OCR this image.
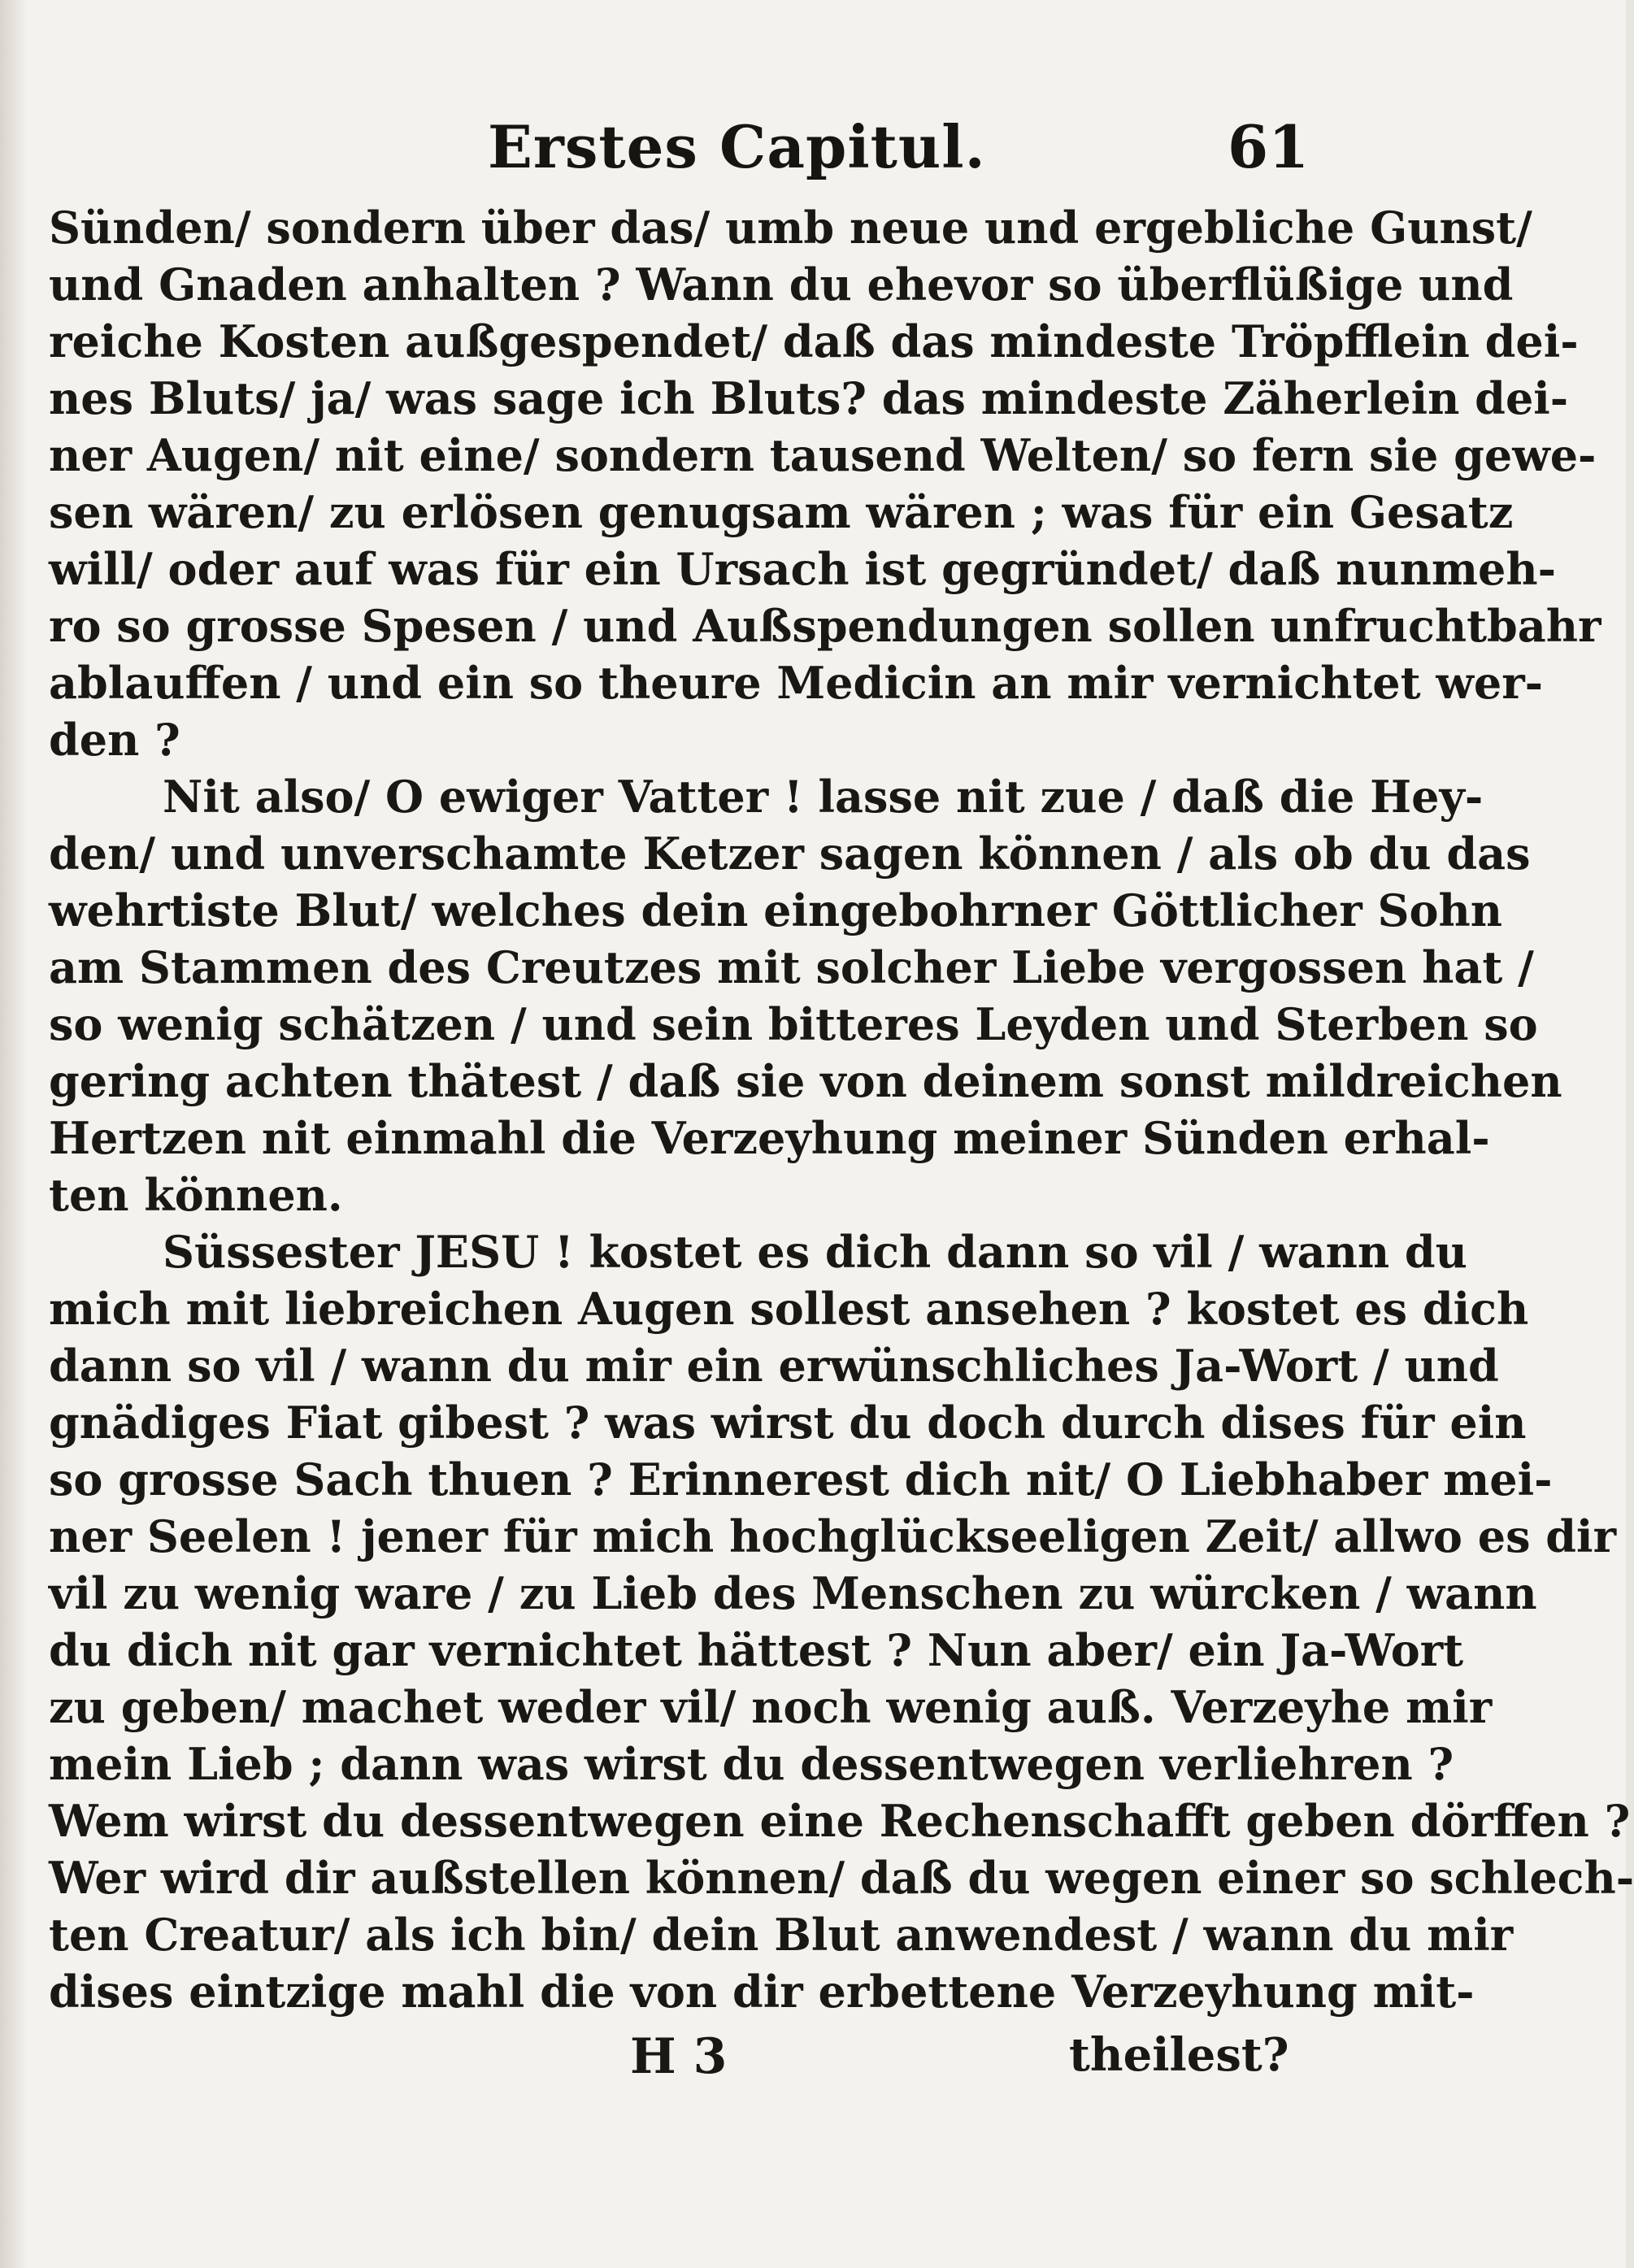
Erstes Capitul.	61
Sünden/ sondern über das/ umb neue und ergebliche Gunst/
und Gnaden anhalten ? Wann du ehevor so überflüßige und
reiche Kosten außgespendet/ daß das mindeste Tröpfflein dei-
nes Bluts/ ja/ was sage ich Bluts? das mindeste Zäherlein dei-
ner Augen/ nit eine/ sondern tausend Welten/ so fern sie gewe-
sen wären/ zu erlösen genugsam wären ; was für ein Gesatz
will/ oder auf was für ein Ursach ist gegründet/ daß nunmeh-
ro so grosse Spesen / und Außspendungen sollen unfruchtbahr
ablauffen / und ein so theure Medicin an mir vernichtet wer-
den ?
Nit also/ O ewiger Vatter ! lasse nit zue / daß die Hey-
den/ und unverschamte Ketzer sagen können / als ob du das
wehrtiste Blut/ welches dein eingebohrner Göttlicher Sohn
am Stammen des Creutzes mit solcher Liebe vergossen hat /
so wenig schätzen / und sein bitteres Leyden und Sterben so
gering achten thätest / daß sie von deinem sonst mildreichen
Hertzen nit einmahl die Verzeyhung meiner Sünden erhal-
ten können.
Süssester JESU ! kostet es dich dann so vil / wann du
mich mit liebreichen Augen sollest ansehen ? kostet es dich
dann so vil / wann du mir ein erwünschliches Ja-Wort / und
gnädiges Fiat gibest ? was wirst du doch durch dises für ein
so grosse Sach thuen ? Erinnerest dich nit/ O Liebhaber mei-
ner Seelen ! jener für mich hochglückseeligen Zeit/ allwo es dir
vil zu wenig ware / zu Lieb des Menschen zu würcken / wann
du dich nit gar vernichtet hättest ? Nun aber/ ein Ja-Wort
zu geben/ machet weder vil/ noch wenig auß. Verzeyhe mir
mein Lieb ; dann was wirst du dessentwegen verliehren ?
Wem wirst du dessentwegen eine Rechenschafft geben dörffen ?
Wer wird dir außstellen können/ daß du wegen einer so schlech-
ten Creatur/ als ich bin/ dein Blut anwendest / wann du mir
dises eintzige mahl die von dir erbettene Verzeyhung mit-
H 3	theilest?
